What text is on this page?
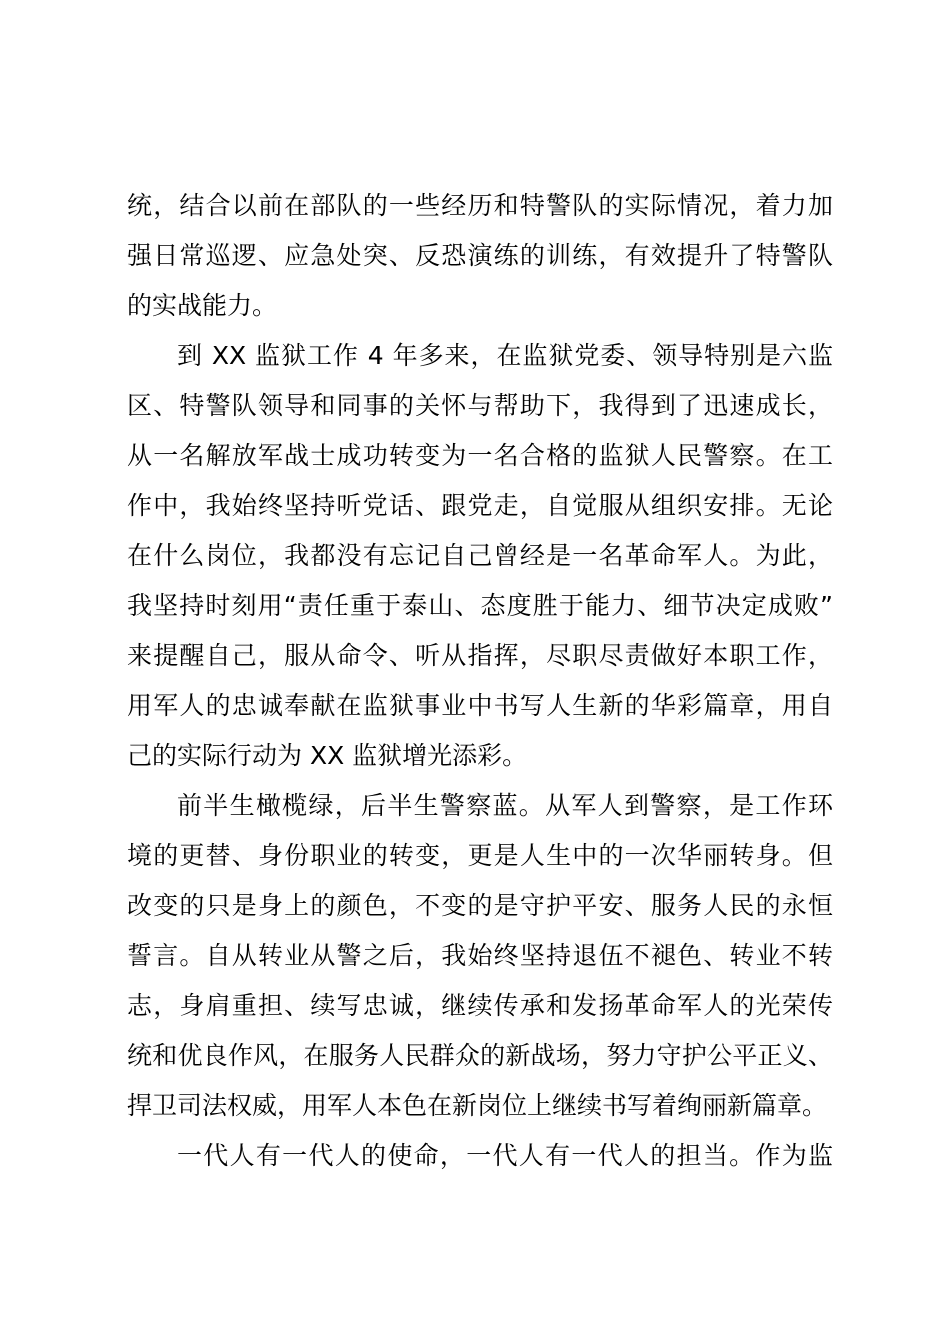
统，结合以前在部队的一些经历和特警队的实际情况，着力加
强日常巡逻、应急处突、反恐演练的训练，有效提升了特警队
的实战能力。
到 XX 监狱工作 4 年多来，在监狱党委、领导特别是六监
区、特警队领导和同事的关怀与帮助下，我得到了迅速成长，
从一名解放军战士成功转变为一名合格的监狱人民警察。在工
作中，我始终坚持听党话、跟党走，自觉服从组织安排。无论
在什么岗位，我都没有忘记自己曾经是一名革命军人。为此，
我坚持时刻用“责任重于泰山、态度胜于能力、细节决定成败”
来提醒自己，服从命令、听从指挥，尽职尽责做好本职工作，
用军人的忠诚奉献在监狱事业中书写人生新的华彩篇章，用自
己的实际行动为 XX 监狱增光添彩。
前半生橄榄绿，后半生警察蓝。从军人到警察，是工作环
境的更替、身份职业的转变，更是人生中的一次华丽转身。但
改变的只是身上的颜色，不变的是守护平安、服务人民的永恒
誓言。自从转业从警之后，我始终坚持退伍不褪色、转业不转
志，身肩重担、续写忠诚，继续传承和发扬革命军人的光荣传
统和优良作风，在服务人民群众的新战场，努力守护公平正义、
捍卫司法权威，用军人本色在新岗位上继续书写着绚丽新篇章。
一代人有一代人的使命，一代人有一代人的担当。作为监
